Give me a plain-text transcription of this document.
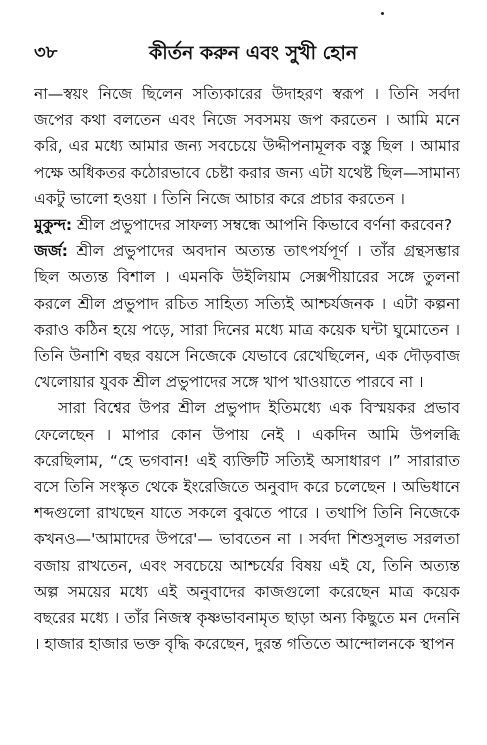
৩৮	কীর্তন করুন এবং সুখী হোন

না—স্বয়ং নিজে ছিলেন সত্যিকারের উদাহরণ স্বরূপ । তিনি সর্বদা জপের কথা বলতেন এবং নিজে সবসময় জপ করতেন । আমি মনে করি, এর মধ্যে আমার জন্য সবচেয়ে উদ্দীপনামূলক বস্তু ছিল । আমার পক্ষে অধিকতর কঠোরভাবে চেষ্টা করার জন্য এটা যথেষ্ট ছিল—সামান্য একটু ভালো হওয়া । তিনি নিজে আচার করে প্রচার করতেন ।

মুকুন্দ: শ্রীল প্রভুপাদের সাফল্য সম্বন্ধে আপনি কিভাবে বর্ণনা করবেন?

জর্জ: শ্রীল প্রভুপাদের অবদান অত্যন্ত তাৎপর্যপূর্ণ । তাঁর গ্রন্থসম্ভার ছিল অত্যন্ত বিশাল । এমনকি উইলিয়াম সেক্সপীয়ারের সঙ্গে তুলনা করলে শ্রীল প্রভুপাদ রচিত সাহিত্য সত্যিই আশ্চর্যজনক । এটা কল্পনা করাও কঠিন হয়ে পড়ে, সারা দিনের মধ্যে মাত্র কয়েক ঘন্টা ঘুমোতেন । তিনি উনাশি বছর বয়সে নিজেকে যেভাবে রেখেছিলেন, এক দৌড়বাজ খেলোয়ার যুবক শ্রীল প্রভুপাদের সঙ্গে খাপ খাওয়াতে পারবে না ।

সারা বিশ্বের উপর শ্রীল প্রভুপাদ ইতিমধ্যে এক বিস্ময়কর প্রভাব ফেলেছেন । মাপার কোন উপায় নেই । একদিন আমি উপলব্ধি করেছিলাম, “হে ভগবান! এই ব্যক্তিটি সত্যিই অসাধারণ ।” সারারাত বসে তিনি সংস্কৃত থেকে ইংরেজিতে অনুবাদ করে চলেছেন । অভিধানে শব্দগুলো রাখছেন যাতে সকলে বুঝতে পারে । তথাপি তিনি নিজেকে কখনও—'আমাদের উপরে'— ভাবতেন না । সর্বদা শিশুসুলভ সরলতা বজায় রাখতেন, এবং সবচেয়ে আশ্চর্যের বিষয় এই যে, তিনি অত্যন্ত অল্প সময়ের মধ্যে এই অনুবাদের কাজগুলো করেছেন মাত্র কয়েক বছরের মধ্যে । তাঁর নিজস্ব কৃষ্ণভাবনামৃত ছাড়া অন্য কিছুতে মন দেননি । হাজার হাজার ভক্ত বৃদ্ধি করেছেন, দুরন্ত গতিতে আন্দোলনকে স্থাপন
